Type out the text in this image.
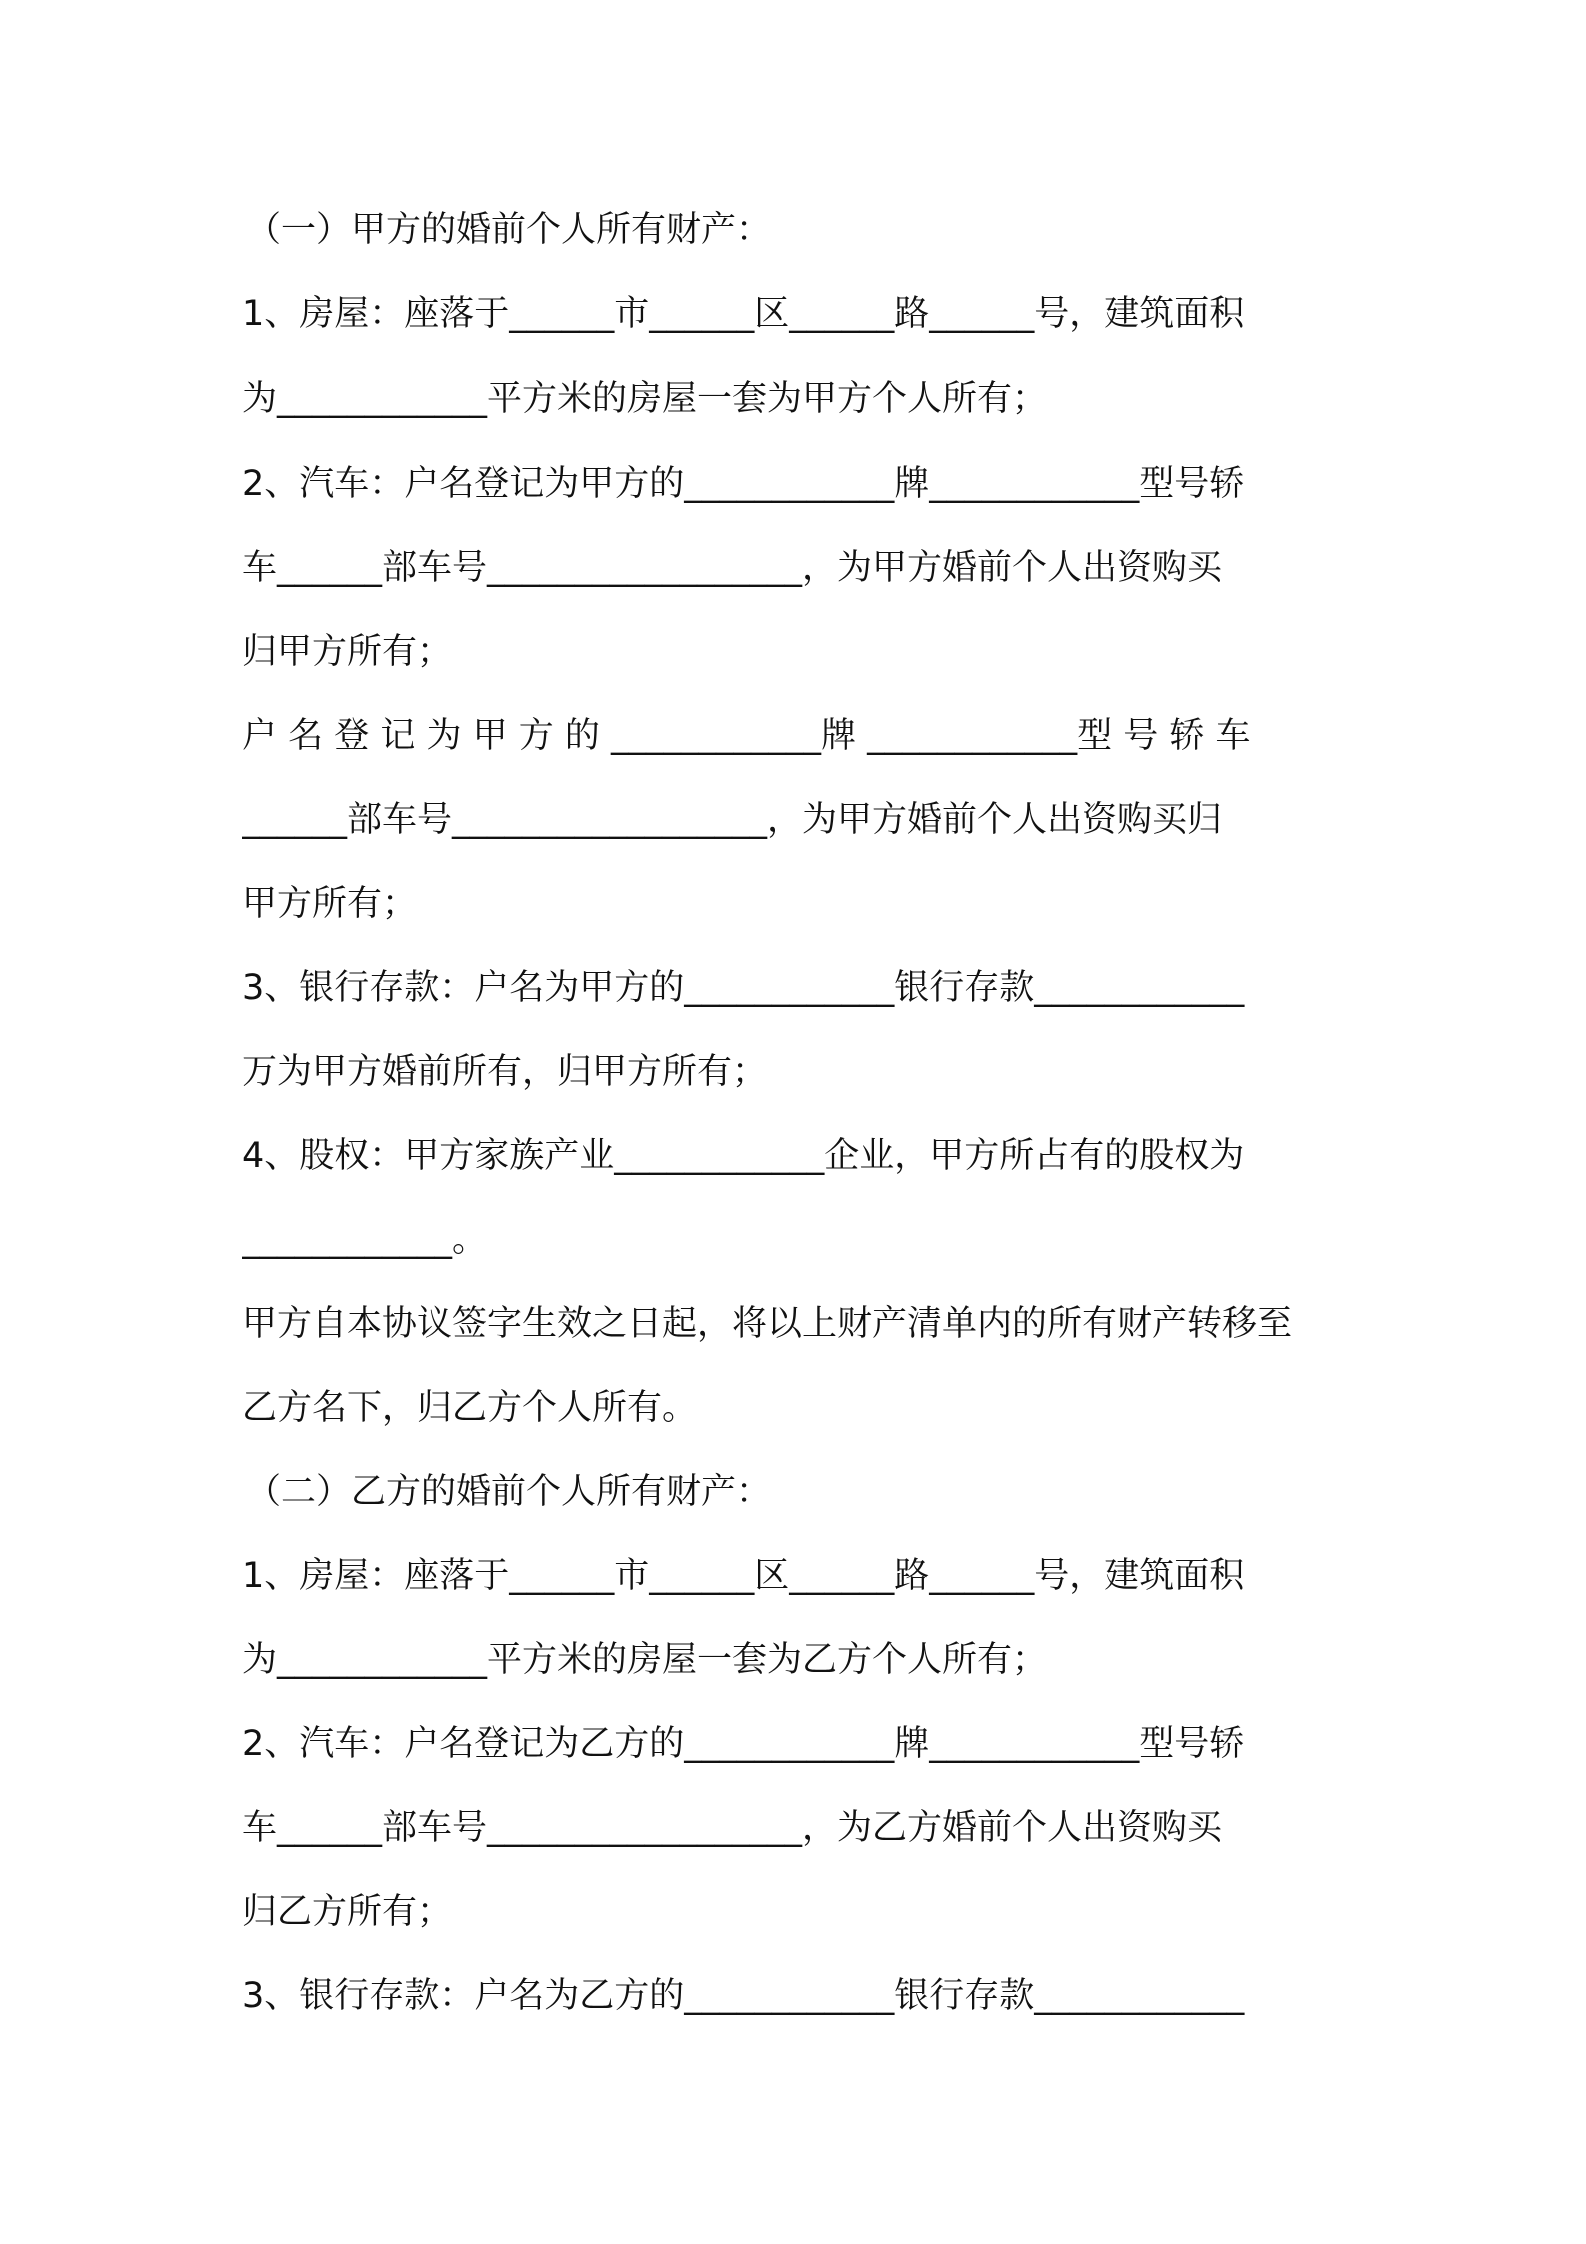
（一）甲方的婚前个人所有财产：
1、房屋：座落于______市______区______路______号，建筑面积
为____________平方米的房屋一套为甲方个人所有；
2、汽车：户名登记为甲方的____________牌____________型号轿
车______部车号__________________，为甲方婚前个人出资购买
归甲方所有；
户 名 登 记 为 甲 方 的 ____________牌 ____________型 号 轿 车
______部车号__________________，为甲方婚前个人出资购买归
甲方所有；
3、银行存款：户名为甲方的____________银行存款____________
万为甲方婚前所有，归甲方所有；
4、股权：甲方家族产业____________企业，甲方所占有的股权为
____________。
甲方自本协议签字生效之日起，将以上财产清单内的所有财产转移至
乙方名下，归乙方个人所有。
（二）乙方的婚前个人所有财产：
1、房屋：座落于______市______区______路______号，建筑面积
为____________平方米的房屋一套为乙方个人所有；
2、汽车：户名登记为乙方的____________牌____________型号轿
车______部车号__________________，为乙方婚前个人出资购买
归乙方所有；
3、银行存款：户名为乙方的____________银行存款____________
